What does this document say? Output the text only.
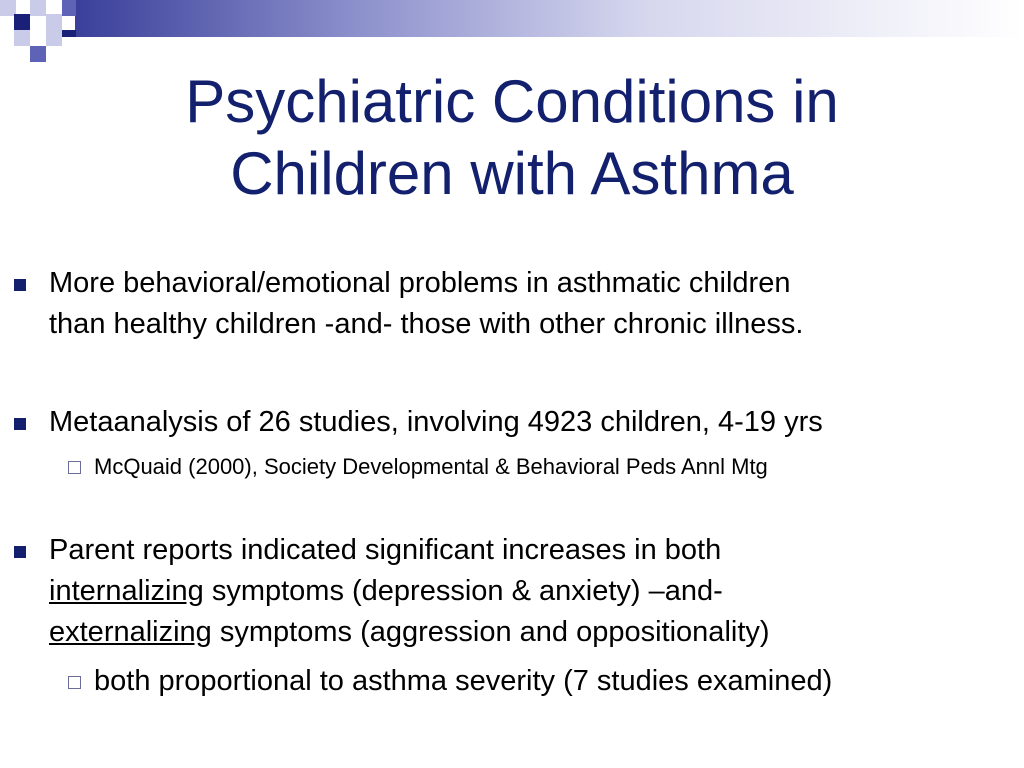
Psychiatric Conditions in
Children with Asthma
More behavioral/emotional problems in asthmatic children
than healthy children -and- those with other chronic illness.
Metaanalysis of 26 studies, involving 4923 children, 4-19 yrs
McQuaid (2000), Society Developmental & Behavioral Peds Annl Mtg
Parent reports indicated significant increases in both
internalizing symptoms (depression & anxiety) –and-
externalizing symptoms (aggression and oppositionality)
both proportional to asthma severity (7 studies examined)
